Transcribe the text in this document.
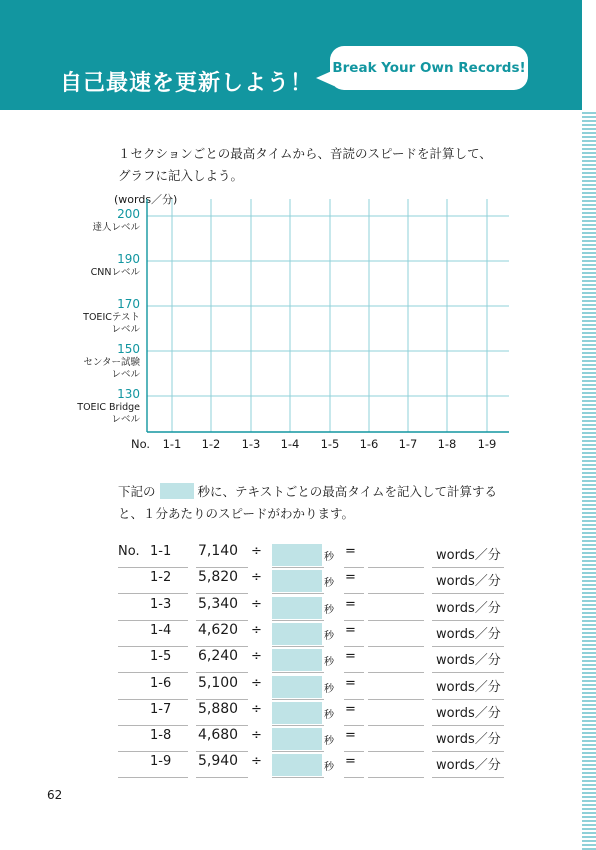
自己最速を更新しよう！
Break Your Own Records!
１セクションごとの最高タイムから、音読のスピードを計算して、
グラフに記入しよう。
(words／分)
200
達人レベル
190
CNNレベル
170
TOEICテスト
レベル
150
センター試験
レベル
130
TOEIC Bridge
レベル
No.	1-1	1-2	1-3	1-4	1-5	1-6	1-7	1-8	1-9
下記の	秒に、テキストごとの最高タイムを記入して計算する
と、１分あたりのスピードがわかります。
No. 1-1 7,140 ÷	秒 =	words／分
1-2 5,820 ÷	秒 =	words／分
1-3 5,340 ÷	秒 =	words／分
1-4 4,620 ÷	秒 =	words／分
1-5 6,240 ÷	秒 =	words／分
1-6 5,100 ÷	秒 =	words／分
1-7 5,880 ÷	秒 =	words／分
1-8 4,680 ÷	秒 =	words／分
1-9 5,940 ÷	秒 =	words／分
62
